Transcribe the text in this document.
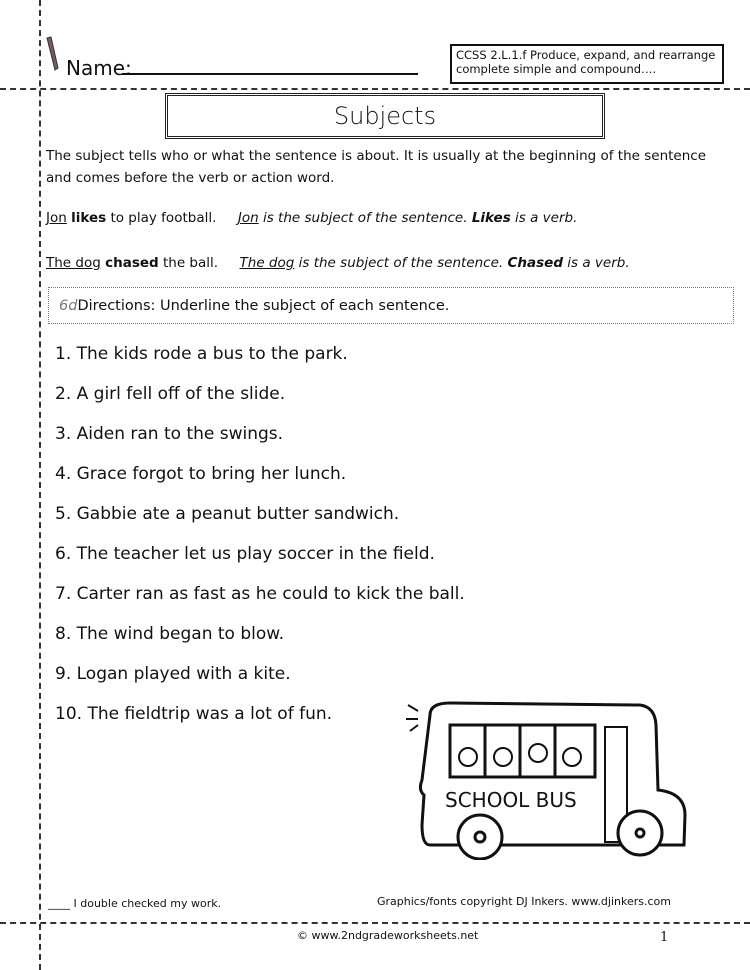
Name:
CCSS 2.L.1.f Produce, expand, and rearrange complete simple and compound….
Subjects
The subject tells who or what the sentence is about. It is usually at the beginning of the sentence and comes before the verb or action word.
Jon likes to play football. Jon is the subject of the sentence. Likes is a verb.
The dog chased the ball. The dog is the subject of the sentence. Chased is a verb.
6dDirections: Underline the subject of each sentence.
1. The kids rode a bus to the park.
2. A girl fell off of the slide.
3. Aiden ran to the swings.
4. Grace forgot to bring her lunch.
5. Gabbie ate a peanut butter sandwich.
6. The teacher let us play soccer in the field.
7. Carter ran as fast as he could to kick the ball.
8. The wind began to blow.
9. Logan played with a kite.
10. The fieldtrip was a lot of fun.
SCHOOL BUS
____ I double checked my work.	Graphics/fonts copyright DJ Inkers. www.djinkers.com
© www.2ndgradeworksheets.net	1
